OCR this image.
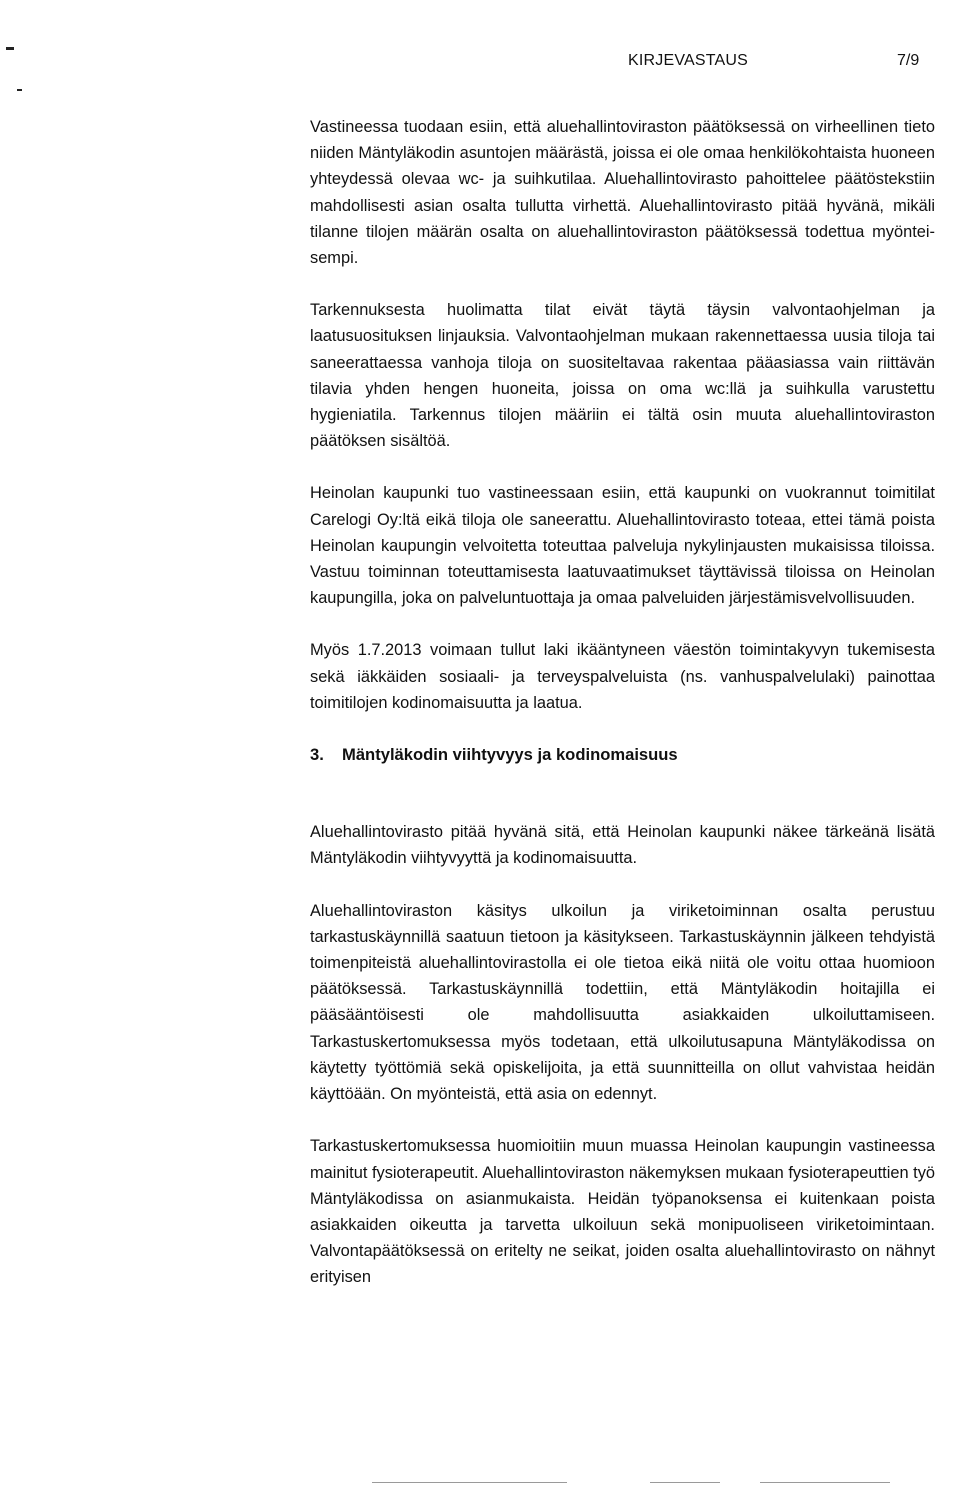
KIRJEVASTAUS	7/9

Vastineessa tuodaan esiin, että aluehallintoviraston päätöksessä on virheellinen tieto niiden Mäntyläkodin asuntojen määrästä, joissa ei ole omaa henkilökohtaista huoneen yhteydessä olevaa wc- ja suihkutilaa. Aluehallintovirasto pahoittelee päätöstekstiin mahdollisesti asian osalta tullutta virhettä. Aluehallintovirasto pitää hyvänä, mikäli tilanne tilojen määrän osalta on aluehallintoviraston päätöksessä todettua myönteisempi.

Tarkennuksesta huolimatta tilat eivät täytä täysin valvontaohjelman ja laatusuosituksen linjauksia. Valvontaohjelman mukaan rakennettaessa uusia tiloja tai saneerattaessa vanhoja tiloja on suositeltavaa rakentaa pääasiassa vain riittävän tilavia yhden hengen huoneita, joissa on oma wc:llä ja suihkulla varustettu hygieniatila. Tarkennus tilojen määriin ei tältä osin muuta aluehallintoviraston päätöksen sisältöä.

Heinolan kaupunki tuo vastineessaan esiin, että kaupunki on vuokrannut toimitilat Carelogi Oy:ltä eikä tiloja ole saneerattu. Aluehallintovirasto toteaa, ettei tämä poista Heinolan kaupungin velvoitetta toteuttaa palveluja nykylinjausten mukaisissa tiloissa. Vastuu toiminnan toteuttamisesta laatuvaatimukset täyttävissä tiloissa on Heinolan kaupungilla, joka on palveluntuottaja ja omaa palveluiden järjestämisvelvollisuuden.

Myös 1.7.2013 voimaan tullut laki ikääntyneen väestön toimintakyvyn tukemisesta sekä iäkkäiden sosiaali- ja terveyspalveluista (ns. vanhuspalvelulaki) painottaa toimitilojen kodinomaisuutta ja laatua.

3.	Mäntyläkodin viihtyvyys ja kodinomaisuus

Aluehallintovirasto pitää hyvänä sitä, että Heinolan kaupunki näkee tärkeänä lisätä Mäntyläkodin viihtyvyyttä ja kodinomaisuutta.

Aluehallintoviraston käsitys ulkoilun ja viriketoiminnan osalta perustuu tarkastuskäynnillä saatuun tietoon ja käsitykseen. Tarkastuskäynnin jälkeen tehdyistä toimenpiteistä aluehallintovirastolla ei ole tietoa eikä niitä ole voitu ottaa huomioon päätöksessä. Tarkastuskäynnillä todettiin, että Mäntyläkodin hoitajilla ei pääsääntöisesti ole mahdollisuutta asiakkaiden ulkoiluttamiseen. Tarkastuskertomuksessa myös todetaan, että ulkoilutusapuna Mäntyläkodissa on käytetty työttömiä sekä opiskelijoita, ja että suunnitteilla on ollut vahvistaa heidän käyttöään. On myönteistä, että asia on edennyt.

Tarkastuskertomuksessa huomioitiin muun muassa Heinolan kaupungin vastineessa mainitut fysioterapeutit. Aluehallintoviraston näkemyksen mukaan fysioterapeuttien työ Mäntyläkodissa on asianmukaista. Heidän työpanoksensa ei kuitenkaan poista asiakkaiden oikeutta ja tarvetta ulkoiluun sekä monipuoliseen viriketoimintaan. Valvontapäätöksessä on eritelty ne seikat, joiden osalta aluehallintovirasto on nähnyt erityisen
